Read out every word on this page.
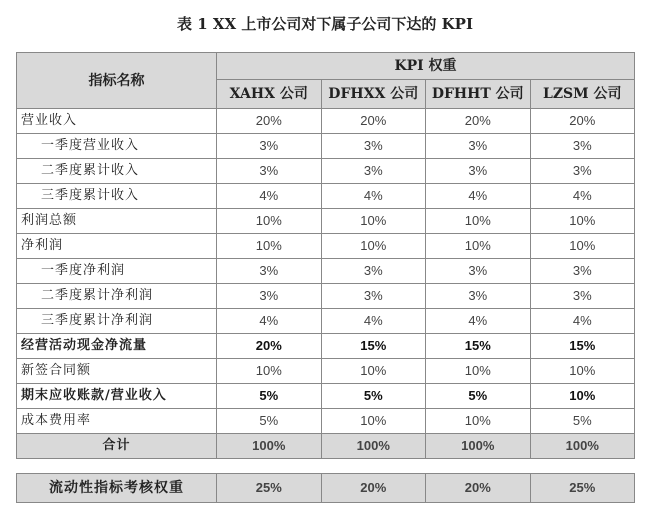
表 1 XX 上市公司对下属子公司下达的 KPI
指标名称	KPI 权重			
	XAHX 公司	DFHXX 公司	DFHHT 公司	LZSM 公司
营业收入	20%	20%	20%	20%
一季度营业收入	3%	3%	3%	3%
二季度累计收入	3%	3%	3%	3%
三季度累计收入	4%	4%	4%	4%
利润总额	10%	10%	10%	10%
净利润	10%	10%	10%	10%
一季度净利润	3%	3%	3%	3%
二季度累计净利润	3%	3%	3%	3%
三季度累计净利润	4%	4%	4%	4%
经营活动现金净流量	20%	15%	15%	15%
新签合同额	10%	10%	10%	10%
期末应收账款/营业收入	5%	5%	5%	10%
成本费用率	5%	10%	10%	5%
合计	100%	100%	100%	100%

流动性指标考核权重	25%	20%	20%	25%
